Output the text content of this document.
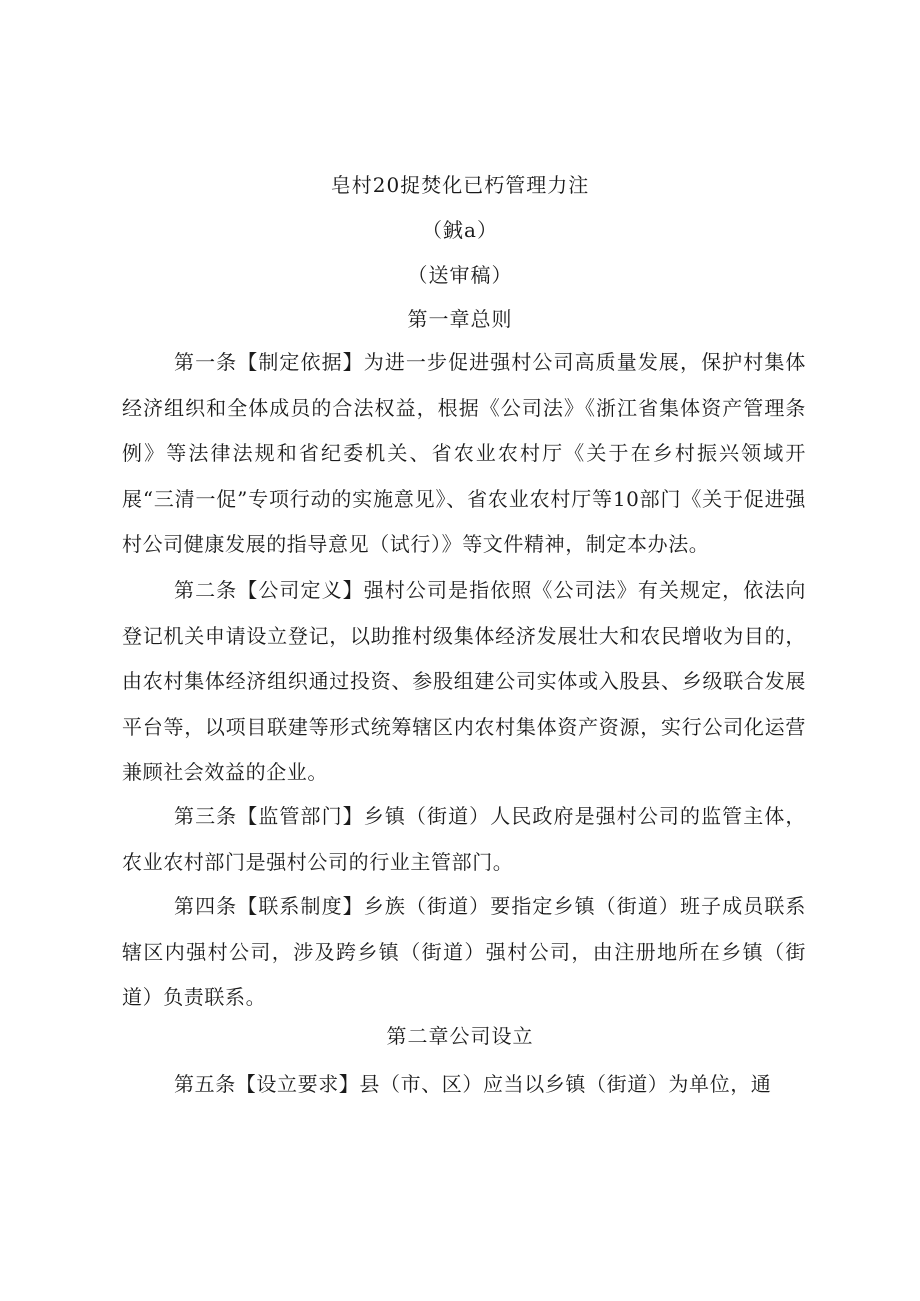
皂村20捉焚化已朽管理力注
（銊a）
（送审稿）
第一章总则

第一条【制定依据】为进一步促进强村公司高质量发展，保护村集体经济组织和全体成员的合法权益，根据《公司法》《浙江省集体资产管理条例》等法律法规和省纪委机关、省农业农村厅《关于在乡村振兴领域开展“三清一促”专项行动的实施意见》、省农业农村厅等10部门《关于促进强村公司健康发展的指导意见（试行）》等文件精神，制定本办法。

第二条【公司定义】强村公司是指依照《公司法》有关规定，依法向登记机关申请设立登记，以助推村级集体经济发展壮大和农民增收为目的，由农村集体经济组织通过投资、参股组建公司实体或入股县、乡级联合发展平台等，以项目联建等形式统筹辖区内农村集体资产资源，实行公司化运营兼顾社会效益的企业。

第三条【监管部门】乡镇（街道）人民政府是强村公司的监管主体，农业农村部门是强村公司的行业主管部门。

第四条【联系制度】乡族（街道）要指定乡镇（街道）班子成员联系辖区内强村公司，涉及跨乡镇（街道）强村公司，由注册地所在乡镇（街道）负责联系。

第二章公司设立

第五条【设立要求】县（市、区）应当以乡镇（街道）为单位，通
